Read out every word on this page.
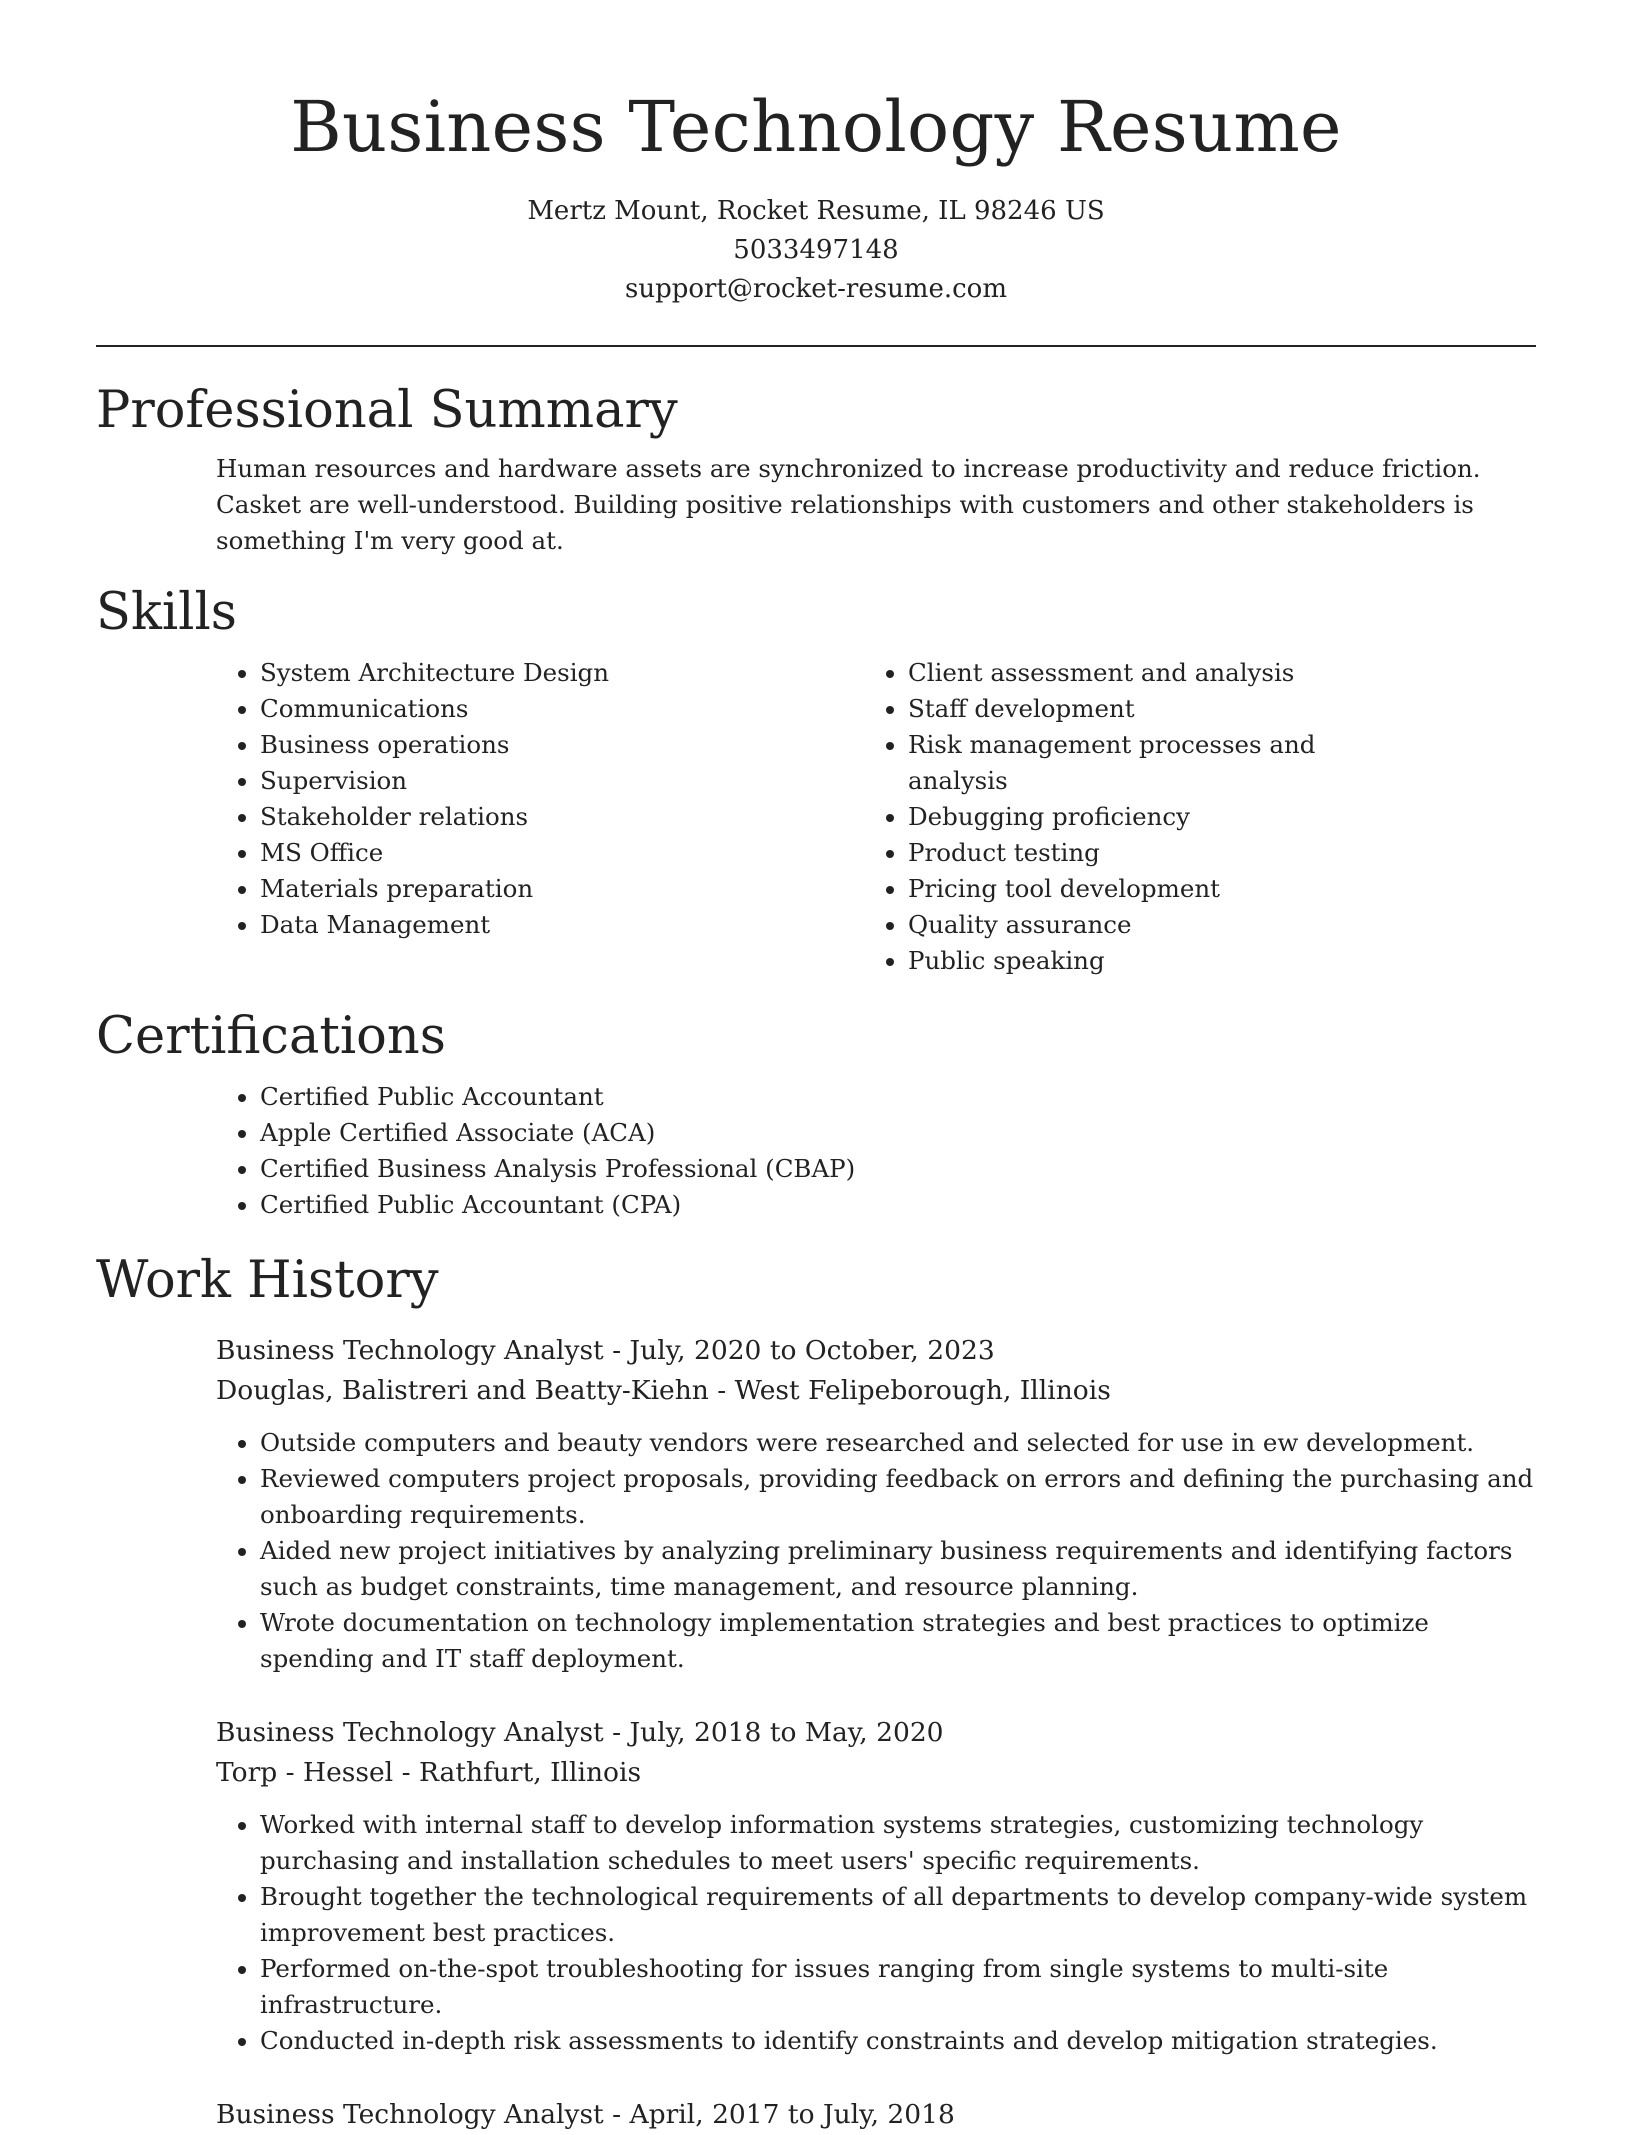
Business Technology Resume

Mertz Mount, Rocket Resume, IL 98246 US

5033497148

support@rocket-resume.com

Professional Summary

Human resources and hardware assets are synchronized to increase productivity and reduce friction. Casket are well-understood. Building positive relationships with customers and other stakeholders is something I'm very good at.

Skills
• System Architecture Design
• Communications
• Business operations
• Supervision
• Stakeholder relations
• MS Office
• Materials preparation
• Data Management
• Client assessment and analysis
• Staff development
• Risk management processes and analysis
• Debugging proficiency
• Product testing
• Pricing tool development
• Quality assurance
• Public speaking
Certifications
• Certified Public Accountant
• Apple Certified Associate (ACA)
• Certified Business Analysis Professional (CBAP)
• Certified Public Accountant (CPA)
Work History

Business Technology Analyst - July, 2020 to October, 2023

Douglas, Balistreri and Beatty-Kiehn - West Felipeborough, Illinois

• Outside computers and beauty vendors were researched and selected for use in ew development.
• Reviewed computers project proposals, providing feedback on errors and defining the purchasing and onboarding requirements.
• Aided new project initiatives by analyzing preliminary business requirements and identifying factors such as budget constraints, time management, and resource planning.
• Wrote documentation on technology implementation strategies and best practices to optimize spending and IT staff deployment.

Business Technology Analyst - July, 2018 to May, 2020

Torp - Hessel - Rathfurt, Illinois

• Worked with internal staff to develop information systems strategies, customizing technology purchasing and installation schedules to meet users' specific requirements.
• Brought together the technological requirements of all departments to develop company-wide system improvement best practices.
• Performed on-the-spot troubleshooting for issues ranging from single systems to multi-site infrastructure.
• Conducted in-depth risk assessments to identify constraints and develop mitigation strategies.

Business Technology Analyst - April, 2017 to July, 2018
